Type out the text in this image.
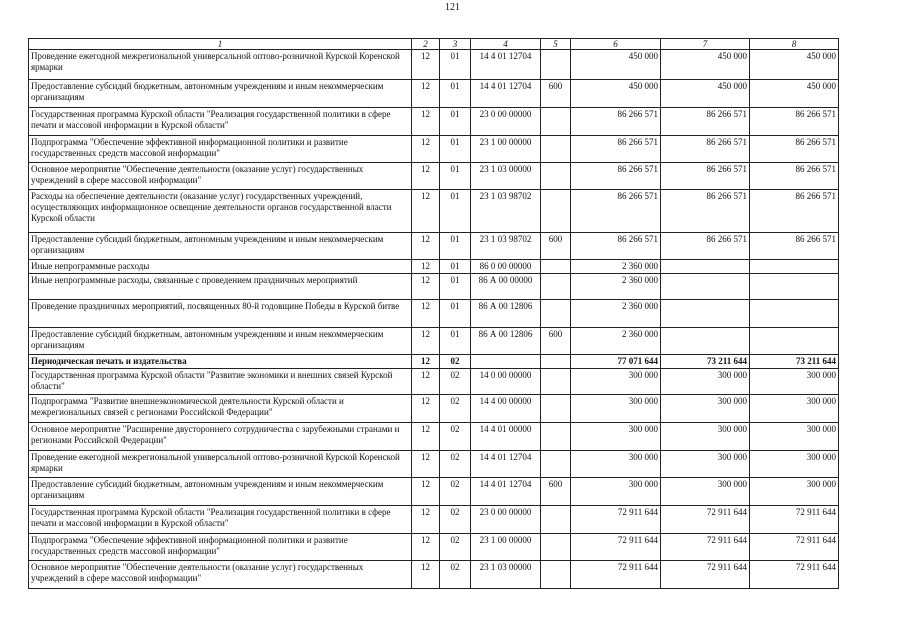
121
1	2	3	4	5	6	7	8
Проведение ежегодной межрегиональной универсальной оптово-розничной Курской Коренской ярмарки	12	01	14 4 01 12704		450 000	450 000	450 000
Предоставление субсидий бюджетным, автономным учреждениям и иным некоммерческим организациям	12	01	14 4 01 12704	600	450 000	450 000	450 000
Государственная программа Курской области "Реализация государственной политики в сфере печати и массовой информации в Курской области"	12	01	23 0 00 00000		86 266 571	86 266 571	86 266 571
Подпрограмма "Обеспечение эффективной информационной политики и развитие государственных средств массовой информации"	12	01	23 1 00 00000		86 266 571	86 266 571	86 266 571
Основное мероприятие "Обеспечение деятельности (оказание услуг) государственных учреждений в сфере массовой информации"	12	01	23 1 03 00000		86 266 571	86 266 571	86 266 571
Расходы на обеспечение деятельности (оказание услуг) государственных учреждений, осуществляющих информационное освещение деятельности органов государственной власти Курской области	12	01	23 1 03 98702		86 266 571	86 266 571	86 266 571
Предоставление субсидий бюджетным, автономным учреждениям и иным некоммерческим организациям	12	01	23 1 03 98702	600	86 266 571	86 266 571	86 266 571
Иные непрограммные расходы	12	01	86 0 00 00000		2 360 000		
Иные непрограммные расходы, связанные с проведением праздничных мероприятий	12	01	86 А 00 00000		2 360 000		
Проведение праздничных мероприятий, посвященных 80-й годовщине Победы в Курской битве	12	01	86 А 00 12806		2 360 000		
Предоставление субсидий бюджетным, автономным учреждениям и иным некоммерческим организациям	12	01	86 А 00 12806	600	2 360 000		
Периодическая печать и издательства	12	02			77 071 644	73 211 644	73 211 644
Государственная программа Курской области "Развитие экономики и внешних связей Курской области"	12	02	14 0 00 00000		300 000	300 000	300 000
Подпрограмма "Развитие внешнеэкономической деятельности Курской области и межрегиональных связей с регионами Российской Федерации"	12	02	14 4 00 00000		300 000	300 000	300 000
Основное мероприятие "Расширение двустороннего сотрудничества с зарубежными странами и регионами Российской Федерации"	12	02	14 4 01 00000		300 000	300 000	300 000
Проведение ежегодной межрегиональной универсальной оптово-розничной Курской Коренской ярмарки	12	02	14 4 01 12704		300 000	300 000	300 000
Предоставление субсидий бюджетным, автономным учреждениям и иным некоммерческим организациям	12	02	14 4 01 12704	600	300 000	300 000	300 000
Государственная программа Курской области "Реализация государственной политики в сфере печати и массовой информации в Курской области"	12	02	23 0 00 00000		72 911 644	72 911 644	72 911 644
Подпрограмма "Обеспечение эффективной информационной политики и развитие государственных средств массовой информации"	12	02	23 1 00 00000		72 911 644	72 911 644	72 911 644
Основное мероприятие "Обеспечение деятельности (оказание услуг) государственных учреждений в сфере массовой информации"	12	02	23 1 03 00000		72 911 644	72 911 644	72 911 644
